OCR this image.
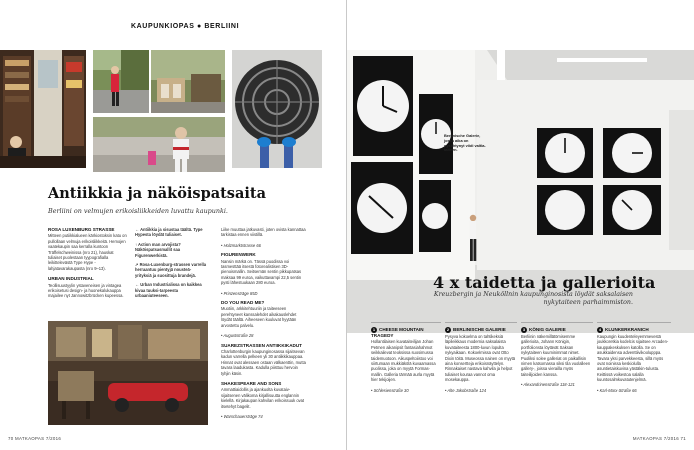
KAUPUNKIOPAS ● BERLIINI
Antiikkia ja näköispatsaita

Berliini on velmujen erikoisliikkeiden luvattu kaupunki.

ROSA LUXENBURG STRASSE

Mitteen putiikkialueen kärkiostoksin katu on pullollaan velmuja erikoisliikkeitä. Hemojen vaatekaupin saa kerralla kuntoon Träffelschweinissa (nro 21), hauskat tuliaiset puolestaan tyypografialla leikittelevästä Type Hype -lahjatavarakaupasta (nro 9–13).

URBAN INDUSTRIAL

Teollisuustyylin ystaveneisen ja vintagea erikoisetusi design- ja huonekalukauppa majailee nyt Jannowitzbrücken kupeessa.

← Antiikkia ja sisustaa täältä. Type Hypesta löydät tuliaiset.

↑ Action man arvojista? Näköispatsasmallit saa Figurenwerkistä.

↗ Rosa-Luxenburg-strassen varrella herraantuu pientyjä nousteä-yrityksiä ja suosittuja brandejä.

← Urban Industrialissa on kaikkea kivaa tuuksi-tarpeesta urbaaniuteeseen.

Liike muuttaa jatkuvasti, joten ovista kannattaa tarkistaa ennen viistillä.

• Holzmarktstrasse 66

FIGURENWERK

Nansin märkä on. Tässä puodissa voi tasmesttää itsestä fotorealistisen 3D-pienoismallin. Seitsemän sentin pikkupatsas maksaa 99 euroa, vaikuttavampi 22,5 sentin pysti lähestuukaan 280 euroa.

• Prinzensträge 85D

DO YOU READ ME?

Muotiin, arkkitehtuuriin ja taiteeseen perehtyneet kanssalehdet aikakauslehdet löydät täältä. Aiheeseen kuuluvat hyytään arvostettu palvelu.

• Auguststraße 28

SUAREZSTRASSEN ANTIIKKIKADUT

Charlottenburgin kaupunginosassa sijaitsevan kadun varrella pelkeen yli 30 antiikkikauppaa. Hinnat ovat alessaen ostaan välkaenttin, mutta tavara laadukasta. Kadulla piisttuu hervoin tyhjin käsin.

SHAKESPEARE AND SONS

Ammattiaidollis ja ajankuolta kuvataiv-sijaitsenen välikoma kirjallisuutta englannin kielellä. Kirjakaupan kahvilan erikoissuuk ovat itsetehyt bagelit.

• Warschauersträge 74

70 MATKAOPAS 7/2016
Berlinische Galerie, jossa aika on pysähtynyt viidi valtla-taiteen.
4 x taidetta ja gallerioita

Kreuzbergin ja Neuköllnin kaupunginosista löydät saksalaisen nykytaiteen parhaimmiston.

1 CHEESE MOUNTAIN TRAGEDY

Hollantilaisen kuvataiteilijan Johan Petmen aikanipsit fantasiahahmot seikkailevat teoksissa suosimussa taidemuotoon. Aikuspeltoiistoo voi siirtumaan mukkiäkölä kuvaamassa puolissa, joka on myytä Formas-mallin. Galleria tärmää aurla myytä hier tekijoijen.

• Schlesienstraße 30

2 BERLINISCHE GALERIE

Pysyva kokoelma on tahtikeksiä läpileikkaus modernia saksalaista kuvataiteesta 1800-luvun lopulta nykyaikaan. Kokoelmissa ovat Otto Dixin töitä. Museossa nainen on myytä aina konsertteja erikoisnäyttelyn. Rinnakaiset nastava kahvila ja helpot tuliaiset kouraa vannot oma mosekauppa.

• Alte Jakobstraße 124

3 KÖNIG GALERIE

Berliinin näkemillätömisemme gallerioita, Johann Königin, portfolionsta löytävät Saksan nykytaiteen kuuminimmat nimet. Puoliksi solee galleriat on paikallisin nimen katsomassa siksi tila vuolalleen gallery-, joissa vierailla myös taiteilijoiden kanssa.

• Alexandrinenstraße 118-121

4 KLUNKERKRANICH

Kaupungin kuudenteleyemmevestä joukkoretkia kodelcis sijaitsee Arcaden-kauppakeskuksen katolla. Se on asukkaidensa adventtiivikoolupppa. Tavara yksi parvekkeesta, sillä myös ovat noinissa keskiolulla asuntietaiskuvina yästäkin-tulusta. Keittissä voikestoa salalla kuuntosalmkuvatutenjelmä.

• Karl-Marx-Straße 66

MATKAOPAS 7/2016 71
